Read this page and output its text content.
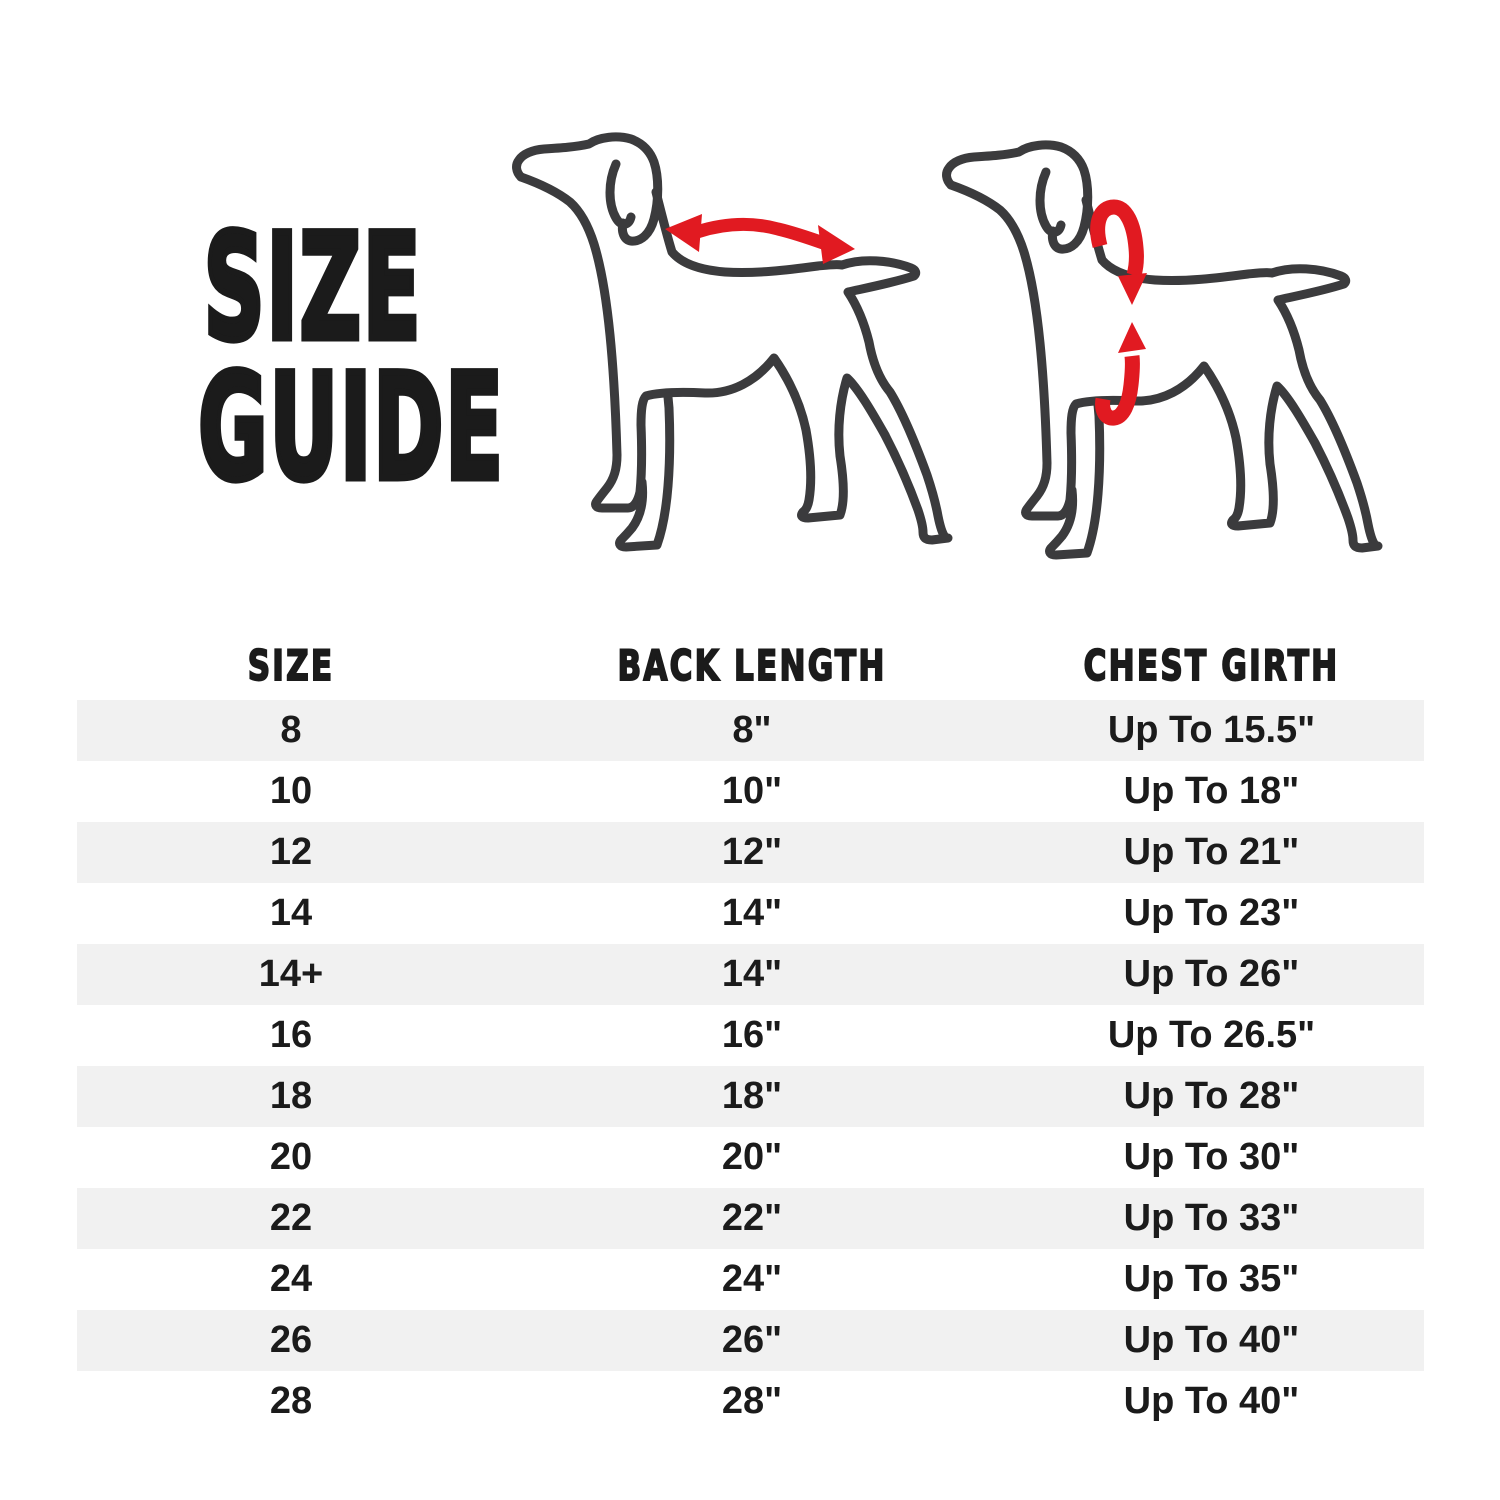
SIZE
GUIDE
SIZE	BACK LENGTH	CHEST GIRTH
8	8"	Up To 15.5"
10	10"	Up To 18"
12	12"	Up To 21"
14	14"	Up To 23"
14+	14"	Up To 26"
16	16"	Up To 26.5"
18	18"	Up To 28"
20	20"	Up To 30"
22	22"	Up To 33"
24	24"	Up To 35"
26	26"	Up To 40"
28	28"	Up To 40"
